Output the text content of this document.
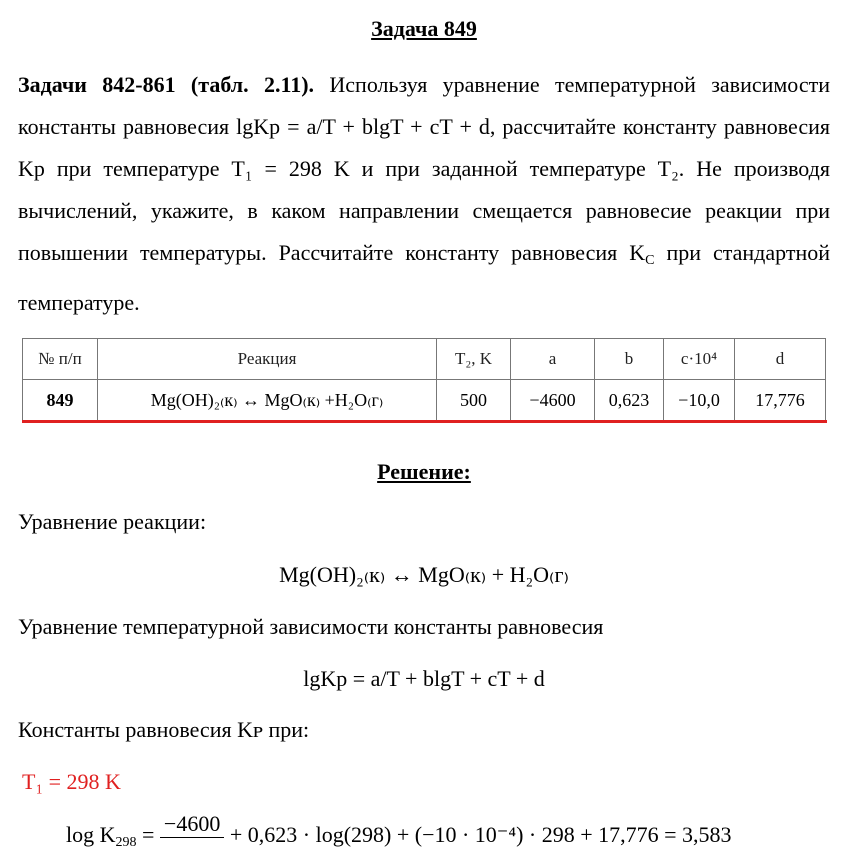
Задача 849
Задачи 842-861 (табл. 2.11). Используя уравнение температурной зависимости константы равновесия lgKp = a/T + blgT + cT + d, рассчитайте константу равновесия Kp при температуре T₁ = 298 K и при заданной температуре T₂. Не производя вычислений, укажите, в каком направлении смещается равновесие реакции при повышении температуры. Рассчитайте константу равновесия $K_C$ при стандартной температуре.
№ п/п	Реакция	T₂, K	a	b	c·10⁴	d
849	Mg(OH)₂₍к₎ ↔ MgO₍к₎ +H₂O₍г₎	500	−4600	0,623	−10,0	17,776
Решение:
Уравнение реакции:
Mg(OH)₂₍к₎ ↔ MgO₍к₎ + H₂O₍г₎
Уравнение температурной зависимости константы равновесия
lgKp = a/T + blgT + cT + d
Константы равновесия Kᴘ при:
T₁ = 298 K
$\log K_{298} = -4600 + 0,623 \cdot \log(298) + (-10 \cdot 10^{-4}) \cdot 298 + 17,776 = 3,583$
